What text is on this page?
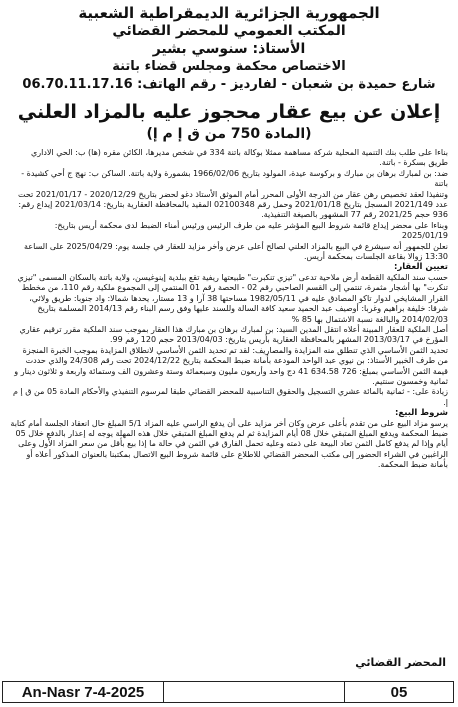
الجمهورية الجزائرية الديمقراطية الشعبية
المكتب العمومي للمحضر القضائي
الأستاذ: سنوسي بشير
الاختصاص محكمة ومجلس قضاء باتنة
شارع حميدة بن شعبان - لفارديز - رقم الهاتف: 06.70.11.17.16
إعلان عن بيع عقار محجوز عليه بالمزاد العلني
(المادة 750 من ق إ م إ)

بناءا على طلب بنك التنمية المحلية شركة مساهمة ممثلا بوكالة باتنة 334 في شخص مديرها، الكائن مقره (ها) ب: الحي الاداري طريق بسكرة - باتنة.

ضد: بن لمبارك برهان بن مبارك و بركوسة عيدة، المولود بتاريخ 1966/02/06 بشمورة ولاية باتنة. الساكن ب: نهج ج أحي كشيدة - باتنة

وتنفيذا لعقد تخصيص رهن عقار من الدرجة الأولى المحرر أمام الموثق الأستاذ دغو لحضر بتاريخ 2020/12/29 - 2021/01/17 تحت عدد 2021/149 المسجل بتاريخ 2021/01/18 وحمل رقم 02100348 المقيد بالمحافظة العقارية بتاريخ: 2021/03/14 إيداع رقم: 936 حجم 2021/25 رقم 77 المشهور بالصيغة التنفيذية.

وبناءا على محضر إيداع قائمة شروط البيع المؤشر عليه من طرف الرئيس ورئيس أمناء الضبط لدى محكمة أريس بتاريخ: 2025/01/19

نعلن للجمهور أنه سيشرع في البيع بالمزاد العلني لصالح أعلى عرض وأخر مزايد للعقار في جلسة يوم: 2025/04/29 على الساعة 13:30 زوالا بقاعة الجلسات بمحكمة أريس.

تعيين العقار:

حسب سند الملكية القطعة أرض ملاحية تدعى "تيزي تنكبرت" طبيعتها ريفية تقع ببلدية إينوغيسن، ولاية باتنة بالسكان المسمى "تيزي تنكرت" بها أشجار مثمرة، تنتمي إلى القسم الصاحبي رقم 02 - الحصة رقم 01 المنتمي إلى المجموع ملكية رقم 110، من مخطط القرار المشايخي لدوار تاكو المصادق عليه في 1982/05/11 مساحتها 38 آرا و 13 مستار، يحدها شمالا: واد جنوبا: طريق ولائي، شرقا: خليفة براهيم وغربا: أوصيف عبد الحميد سعيد كافة السالة وللسند عليها وفق رسم البناء رقم 2014/13 المسلمة بتاريخ 2014/02/03 والبالغة نسبة الاشتمال بها 85 %

أصل الملكية للعقار المبينة أعلاه انتقل المدين السيد: بن لمبارك برهان بن مبارك هذا العقار بموجب سند الملكية مقرر ترقيم عقاري المؤرخ في 2013/03/17 المشهر بالمحافظة العقارية بأريس بتاريخ: 2013/04/03 حجم 120 رقم 99.

تحديد الثمن الأساسي الذي تنطلق منه المزايدة والمصاريف: لقد تم تحديد الثمن الأساسي لانطلاق المزايدة بموجب الخبرة المنجزة من طرف الخبير الأستاذ: بن نيوي عبد الواحد المودعة بأمانة ضبط المحكمة بتاريخ 2024/12/22 تحت رقم 24/308 والذي حددت قيمة الثمن الأساسي بمبلغ: 726 634.58 41 دج واحد وأربعون مليون وسبعمائة وستة وعشرون الف وستمائة واربعة و ثلاثون دينار و ثمانية وخمسون سنتيم.

زيادة على: - ثمانية بالمائة عشري التسجيل والحقوق التناسبية للمحضر القضائي طبقا لمرسوم التنفيذي والأحكام المادة 05 من ق إ م إ.

شروط البيع:

يرسو مزاد البيع على من تقدم بأعلى عرض وكان أخر مزايد على أن يدفع الراسي عليه المزاد 5/1 المبلغ حال انعقاد الجلسة أمام كتابة ضبط المحكمة ويدفع المبلغ المتبقي خلال 08 أيام المزايدة ثم لم يدفع المبلغ المتبقي خلال هذه المهلة يوجه له إعذار بالدفع خلال 05 أيام وإذا لم يدفع كامل الثمن تعاد البيعة على ذمته وعليه تحمل الفارق في الثمن في حالة ما إذا بيع بأقل من سعر المزاد الأول وعلى الراغبين في الشراء الحضور إلى مكتب المحضر القضائي للاطلاع على قائمة شروط البيع الاتصال بمكتبنا بالعنوان المذكور أعلاه أو بأمانة ضبط المحكمة.

المحضر القضائي
An-Nasr 7-4-2025	05
